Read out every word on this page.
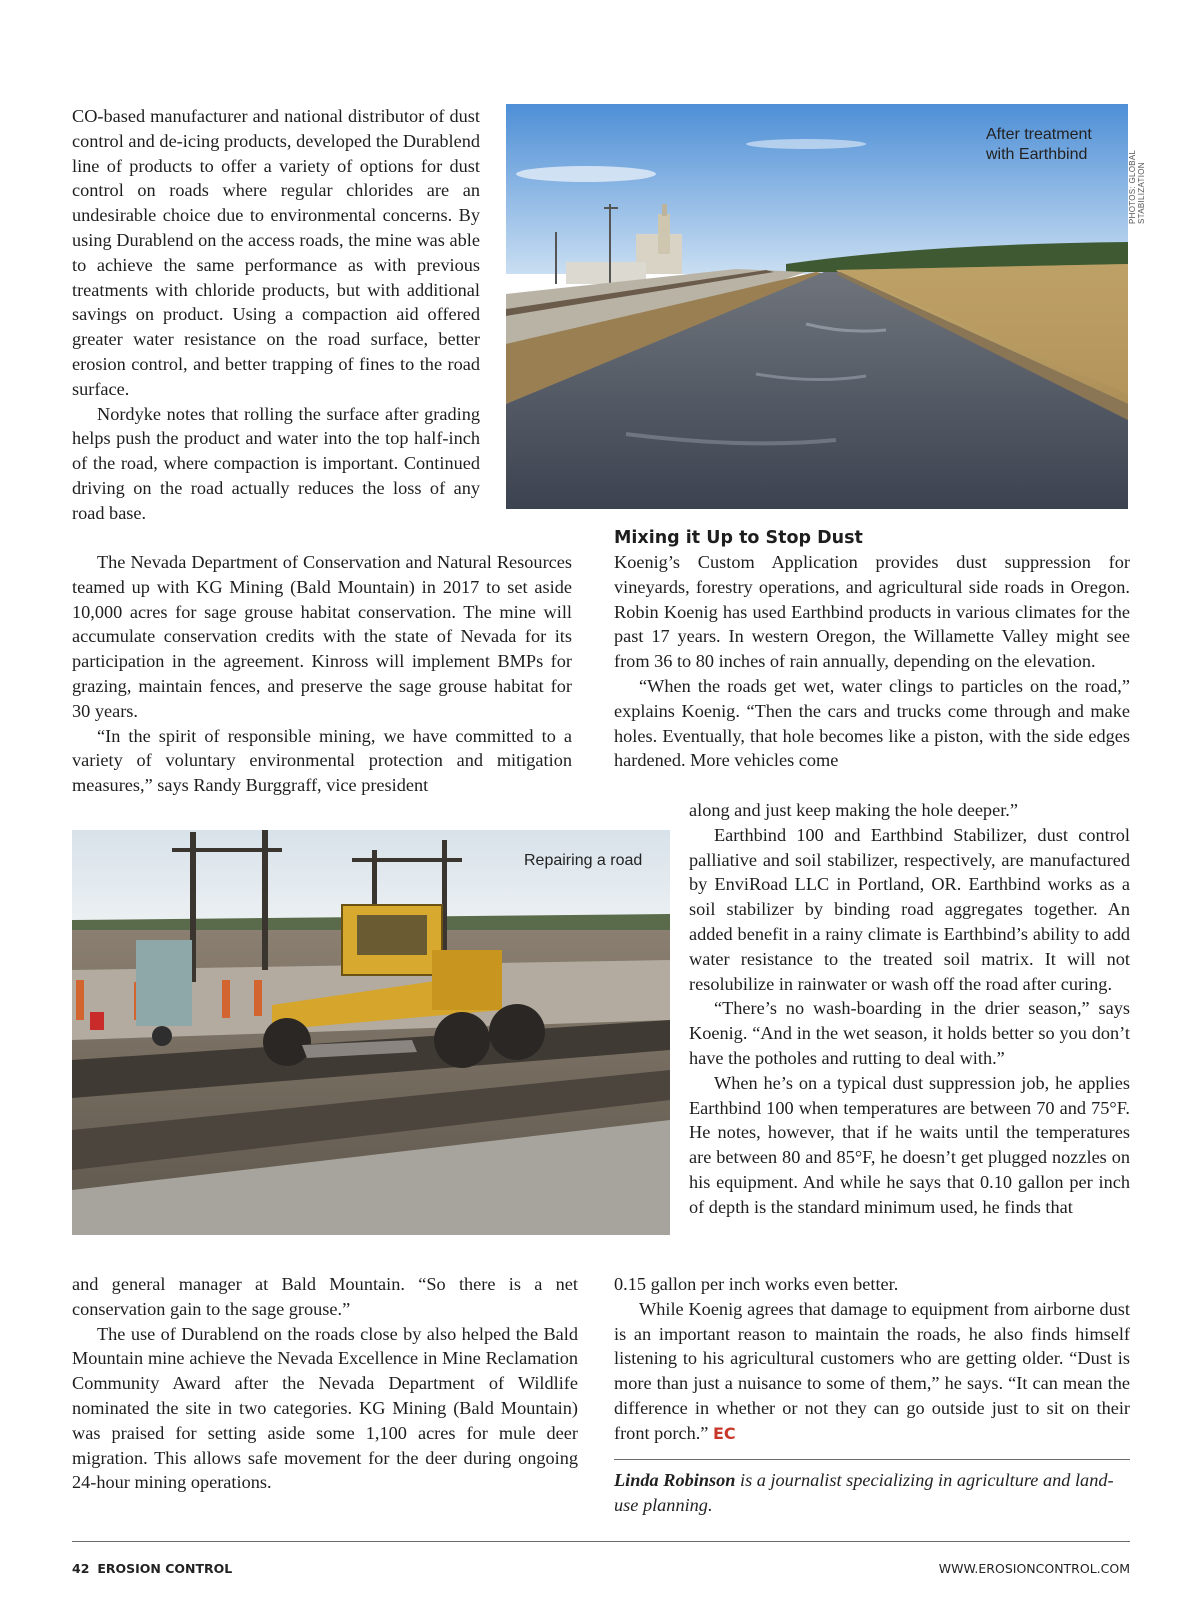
CO-based manufacturer and national distributor of dust control and de-icing products, developed the Durablend line of products to offer a variety of options for dust control on roads where regular chlorides are an undesirable choice due to environmental concerns. By using Durablend on the access roads, the mine was able to achieve the same performance as with previous treatments with chloride products, but with additional savings on product. Using a compaction aid offered greater water resistance on the road surface, better erosion control, and better trapping of fines to the road surface.

Nordyke notes that rolling the surface after grading helps push the product and water into the top half-inch of the road, where compaction is important. Continued driving on the road actually reduces the loss of any road base.

The Nevada Department of Conservation and Natural Resources teamed up with KG Mining (Bald Mountain) in 2017 to set aside 10,000 acres for sage grouse habitat conservation. The mine will accumulate conservation credits with the state of Nevada for its participation in the agreement. Kinross will implement BMPs for grazing, maintain fences, and preserve the sage grouse habitat for 30 years.

“In the spirit of responsible mining, we have committed to a variety of voluntary environmental protection and mitigation measures,” says Randy Burggraff, vice president

and general manager at Bald Mountain. “So there is a net conservation gain to the sage grouse.”

The use of Durablend on the roads close by also helped the Bald Mountain mine achieve the Nevada Excellence in Mine Reclamation Community Award after the Nevada Department of Wildlife nominated the site in two categories. KG Mining (Bald Mountain) was praised for setting aside some 1,100 acres for mule deer migration. This allows safe movement for the deer during ongoing 24-hour mining operations.

After treatment
with Earthbind	PHOTOS: GLOBAL STABILIZATION
Repairing a road
Mixing it Up to Stop Dust

Koenig’s Custom Application provides dust suppression for vineyards, forestry operations, and agricultural side roads in Oregon. Robin Koenig has used Earthbind products in various climates for the past 17 years. In western Oregon, the Willamette Valley might see from 36 to 80 inches of rain annually, depending on the elevation.

“When the roads get wet, water clings to particles on the road,” explains Koenig. “Then the cars and trucks come through and make holes. Eventually, that hole becomes like a piston, with the side edges hardened. More vehicles come

along and just keep making the hole deeper.”

Earthbind 100 and Earthbind Stabilizer, dust control palliative and soil stabilizer, respectively, are manufactured by EnviRoad LLC in Portland, OR. Earthbind works as a soil stabilizer by binding road aggregates together. An added benefit in a rainy climate is Earthbind’s ability to add water resistance to the treated soil matrix. It will not resolubilize in rainwater or wash off the road after curing.

“There’s no wash-boarding in the drier season,” says Koenig. “And in the wet season, it holds better so you don’t have the potholes and rutting to deal with.”

When he’s on a typical dust suppression job, he applies Earthbind 100 when temperatures are between 70 and 75°F. He notes, however, that if he waits until the temperatures are between 80 and 85°F, he doesn’t get plugged nozzles on his equipment. And while he says that 0.10 gallon per inch of depth is the standard minimum used, he finds that

0.15 gallon per inch works even better.

While Koenig agrees that damage to equipment from airborne dust is an important reason to maintain the roads, he also finds himself listening to his agricultural customers who are getting older. “Dust is more than just a nuisance to some of them,” he says. “It can mean the difference in whether or not they can go outside just to sit on their front porch.” EC

Linda Robinson is a journalist specializing in agriculture and land-use planning.
42 EROSION CONTROL	WWW.EROSIONCONTROL.COM
